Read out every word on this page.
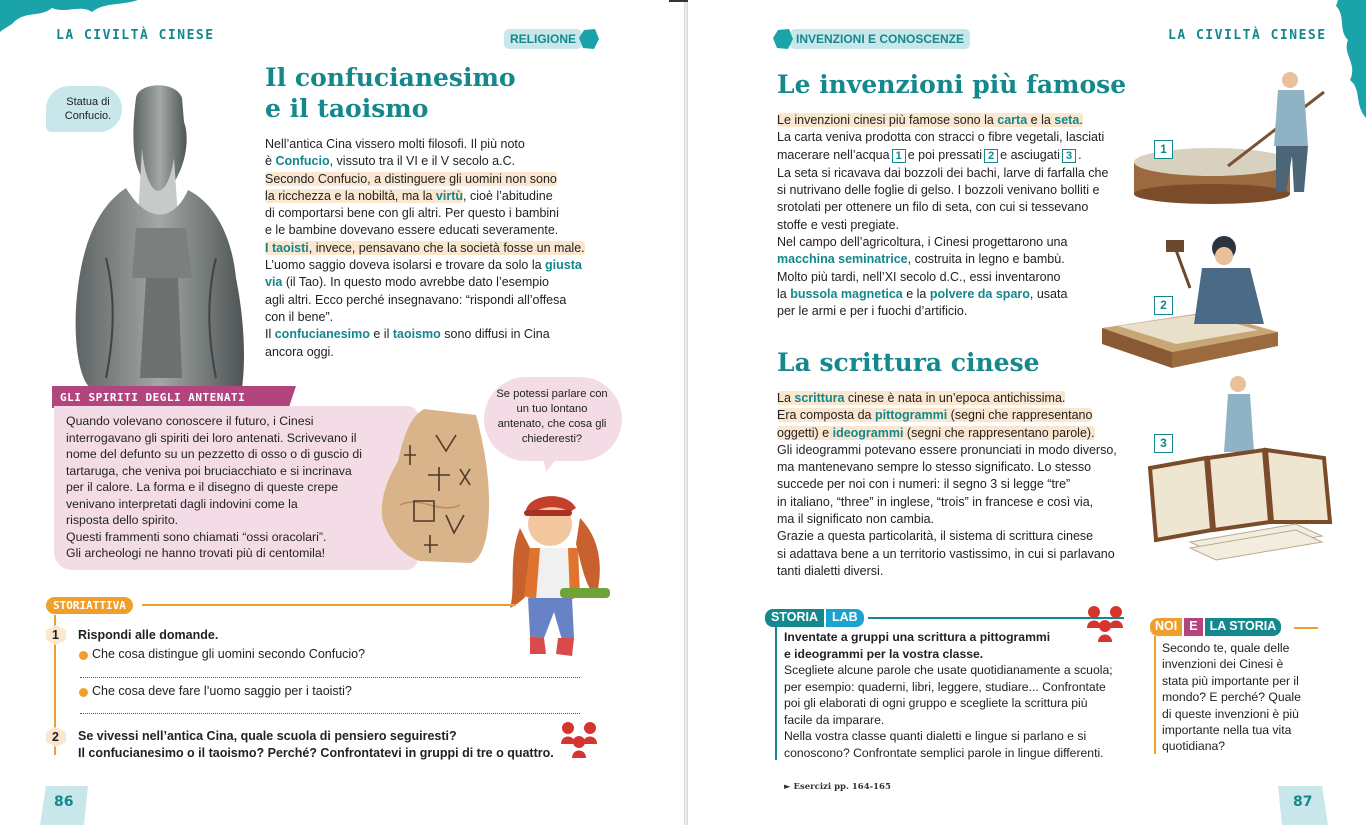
LA CIVILTÀ CINESE	RELIGIONE
Statua di Confucio.
Il confucianesimo
e il taoismo

Nell’antica Cina vissero molti filosofi. Il più noto

è Confucio, vissuto tra il VI e il V secolo a.C.

Secondo Confucio, a distinguere gli uomini non sono

la ricchezza e la nobiltà, ma la virtù, cioè l’abitudine

di comportarsi bene con gli altri. Per questo i bambini

e le bambine dovevano essere educati severamente.

I taoisti, invece, pensavano che la società fosse un male.

L’uomo saggio doveva isolarsi e trovare da solo la giusta

via (il Tao). In questo modo avrebbe dato l’esempio

agli altri. Ecco perché insegnavano: “rispondi all’offesa

con il bene”.

Il confucianesimo e il taoismo sono diffusi in Cina

ancora oggi.

GLI SPIRITI DEGLI ANTENATI

Quando volevano conoscere il futuro, i Cinesi

interrogavano gli spiriti dei loro antenati. Scrivevano il

nome del defunto su un pezzetto di osso o di guscio di

tartaruga, che veniva poi bruciacchiato e si incrinava

per il calore. La forma e il disegno di queste crepe

venivano interpretati dagli indovini come la

risposta dello spirito.

Questi frammenti sono chiamati “ossi oracolari”.

Gli archeologi ne hanno trovati più di centomila!

Se potessi parlare con un tuo lontano antenato, che cosa gli chiederesti?
STORIATTIVA
1 Rispondi alle domande.
Che cosa distingue gli uomini secondo Confucio?
Che cosa deve fare l’uomo saggio per i taoisti?
2 Se vivessi nell’antica Cina, quale scuola di pensiero seguiresti?
Il confucianesimo o il taoismo? Perché? Confrontatevi in gruppi di tre o quattro.
86
INVENZIONI E CONOSCENZE	LA CIVILTÀ CINESE
Le invenzioni più famose

Le invenzioni cinesi più famose sono la carta e la seta.

La carta veniva prodotta con stracci o fibre vegetali, lasciati

macerare nell’acqua 1 e poi pressati 2 e asciugati 3 .

La seta si ricavava dai bozzoli dei bachi, larve di farfalla che

si nutrivano delle foglie di gelso. I bozzoli venivano bolliti e

srotolati per ottenere un filo di seta, con cui si tessevano

stoffe e vesti pregiate.

Nel campo dell’agricoltura, i Cinesi progettarono una

macchina seminatrice, costruita in legno e bambù.

Molto più tardi, nell’XI secolo d.C., essi inventarono

la bussola magnetica e la polvere da sparo, usata

per le armi e per i fuochi d’artificio.

La scrittura cinese

La scrittura cinese è nata in un’epoca antichissima.

Era composta da pittogrammi (segni che rappresentano

oggetti) e ideogrammi (segni che rappresentano parole).

Gli ideogrammi potevano essere pronunciati in modo diverso,

ma mantenevano sempre lo stesso significato. Lo stesso

succede per noi con i numeri: il segno 3 si legge “tre”

in italiano, “three” in inglese, “trois” in francese e così via,

ma il significato non cambia.

Grazie a questa particolarità, il sistema di scrittura cinese

si adattava bene a un territorio vastissimo, in cui si parlavano

tanti dialetti diversi.

1
2
3
STORIA	LAB

Inventate a gruppi una scrittura a pittogrammi

e ideogrammi per la vostra classe.

Scegliete alcune parole che usate quotidianamente a scuola;

per esempio: quaderni, libri, leggere, studiare... Confrontate

poi gli elaborati di ogni gruppo e scegliete la scrittura più

facile da imparare.

Nella vostra classe quanti dialetti e lingue si parlano e si

conoscono? Confrontate semplici parole in lingue differenti.

NOI E LA STORIA

Secondo te, quale delle

invenzioni dei Cinesi è

stata più importante per il

mondo? E perché? Quale

di queste invenzioni è più

importante nella tua vita

quotidiana?

► Esercizi pp. 164-165
87
